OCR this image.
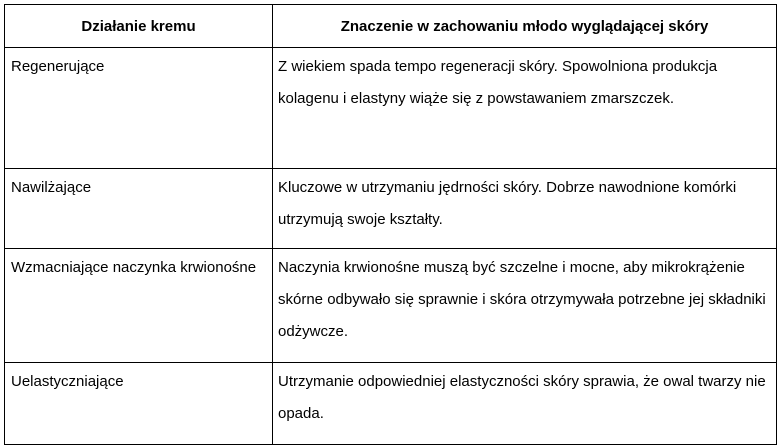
Działanie kremu	Znaczenie w zachowaniu młodo wyglądającej skóry
Regenerujące	Z wiekiem spada tempo regeneracji skóry. Spowolniona produkcja kolagenu i elastyny wiąże się z powstawaniem zmarszczek.
Nawilżające	Kluczowe w utrzymaniu jędrności skóry. Dobrze nawodnione komórki utrzymują swoje kształty.
Wzmacniające naczynka krwionośne	Naczynia krwionośne muszą być szczelne i mocne, aby mikrokrążenie skórne odbywało się sprawnie i skóra otrzymywała potrzebne jej składniki odżywcze.
Uelastyczniające	Utrzymanie odpowiedniej elastyczności skóry sprawia, że owal twarzy nie opada.
